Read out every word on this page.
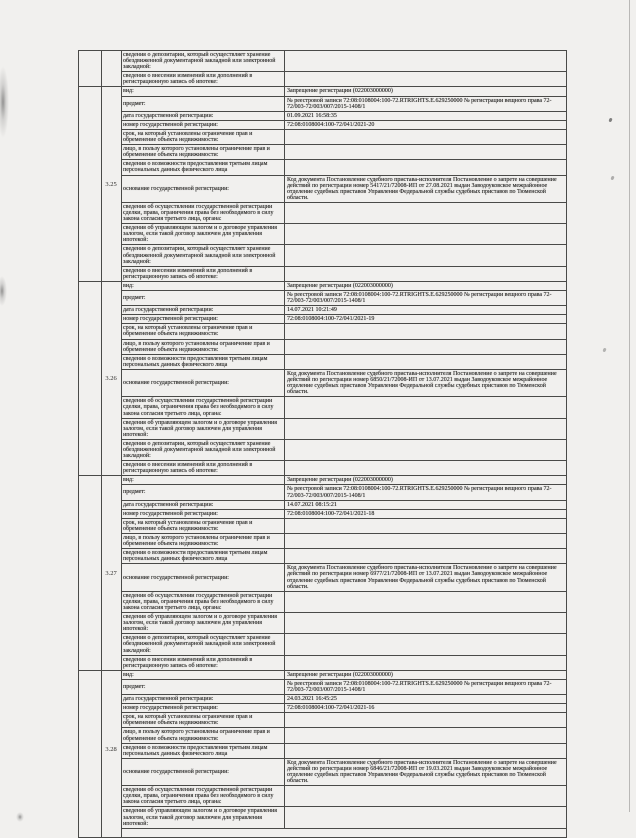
сведения о депозитарии, который осуществляет хранение обездвиженной документарной закладной или электронной закладной:
сведения о внесении изменений или дополнений в регистрационную запись об ипотеке:
3.25
вид:	Запрещение регистрации (022003000000)
предмет:
№ реестровой записи 72:08:0108004:100-72.RTRIGHTS.E.629250000 № регистрации вещного права 72-72/003-72/003/007/2015-1408/1
дата государственной регистрации:	01.09.2021 16:58:35
номер государственной регистрации:	72:08:0108004:100-72/041/2021-20
срок, на который установлены ограничение прав и обременение объекта недвижимости:
лицо, в пользу которого установлены ограничение прав и обременение объекта недвижимости:
сведения о возможности предоставления третьим лицам персональных данных физического лица
основание государственной регистрации:
Код документа Постановление судебного пристава-исполнителя Постановление о запрете на совершение действий по регистрации номер 5417/21/72008-ИП от 27.08.2021 выдан Заводоуковское межрайонное отделение судебных приставов Управления Федеральной службы судебных приставов по Тюменской области.
сведения об осуществлении государственной регистрации сделки, права, ограничения права без необходимого в силу закона согласия третьего лица, органа:
сведения об управляющем залогом и о договоре управления залогом, если такой договор заключен для управления ипотекой:
сведения о депозитарии, который осуществляет хранение обездвиженной документарной закладной или электронной закладной:
сведения о внесении изменений или дополнений в регистрационную запись об ипотеке:
3.26
вид:	Запрещение регистрации (022003000000)
предмет:
№ реестровой записи 72:08:0108004:100-72.RTRIGHTS.E.629250000 № регистрации вещного права 72-72/003-72/003/007/2015-1408/1
дата государственной регистрации:	14.07.2021 10:21:49
номер государственной регистрации:	72:08:0108004:100-72/041/2021-19
срок, на который установлены ограничение прав и обременение объекта недвижимости:
лицо, в пользу которого установлены ограничение прав и обременение объекта недвижимости:
сведения о возможности предоставления третьим лицам персональных данных физического лица
основание государственной регистрации:
Код документа Постановление судебного пристава-исполнителя Постановление о запрете на совершение действий по регистрации номер 6850/21/72008-ИП от 13.07.2021 выдан Заводоуковское межрайонное отделение судебных приставов Управления Федеральной службы судебных приставов по Тюменской области.
сведения об осуществлении государственной регистрации сделки, права, ограничения права без необходимого в силу закона согласия третьего лица, органа:
сведения об управляющем залогом и о договоре управления залогом, если такой договор заключен для управления ипотекой:
сведения о депозитарии, который осуществляет хранение обездвиженной документарной закладной или электронной закладной:
сведения о внесении изменений или дополнений в регистрационную запись об ипотеке:
3.27
вид:	Запрещение регистрации (022003000000)
предмет:
№ реестровой записи 72:08:0108004:100-72.RTRIGHTS.E.629250000 № регистрации вещного права 72-72/003-72/003/007/2015-1408/1
дата государственной регистрации:	14.07.2021 08:15:21
номер государственной регистрации:	72:08:0108004:100-72/041/2021-18
срок, на который установлены ограничение прав и обременение объекта недвижимости:
лицо, в пользу которого установлены ограничение прав и обременение объекта недвижимости:
сведения о возможности предоставления третьим лицам персональных данных физического лица
основание государственной регистрации:
Код документа Постановление судебного пристава-исполнителя Постановление о запрете на совершение действий по регистрации номер 6977/21/72008-ИП от 13.07.2021 выдан Заводоуковское межрайонное отделение судебных приставов Управления Федеральной службы судебных приставов по Тюменской области.
сведения об осуществлении государственной регистрации сделки, права, ограничения права без необходимого в силу закона согласия третьего лица, органа:
сведения об управляющем залогом и о договоре управления залогом, если такой договор заключен для управления ипотекой:
сведения о депозитарии, который осуществляет хранение обездвиженной документарной закладной или электронной закладной:
сведения о внесении изменений или дополнений в регистрационную запись об ипотеке:
3.28
вид:	Запрещение регистрации (022003000000)
предмет:
№ реестровой записи 72:08:0108004:100-72.RTRIGHTS.E.629250000 № регистрации вещного права 72-72/003-72/003/007/2015-1408/1
дата государственной регистрации:	24.03.2021 16:45:25
номер государственной регистрации:	72:08:0108004:100-72/041/2021-16
срок, на который установлены ограничение прав и обременение объекта недвижимости:
лицо, в пользу которого установлены ограничение прав и обременение объекта недвижимости:
сведения о возможности предоставления третьим лицам персональных данных физического лица
основание государственной регистрации:
Код документа Постановление судебного пристава-исполнителя Постановление о запрете на совершение действий по регистрации номер 6846/21/72008-ИП от 19.03.2021 выдан Заводоуковское межрайонное отделение судебных приставов Управления Федеральной службы судебных приставов по Тюменской области.
сведения об осуществлении государственной регистрации сделки, права, ограничения права без необходимого в силу закона согласия третьего лица, органа:
сведения об управляющем залогом и о договоре управления залогом, если такой договор заключен для управления ипотекой:
